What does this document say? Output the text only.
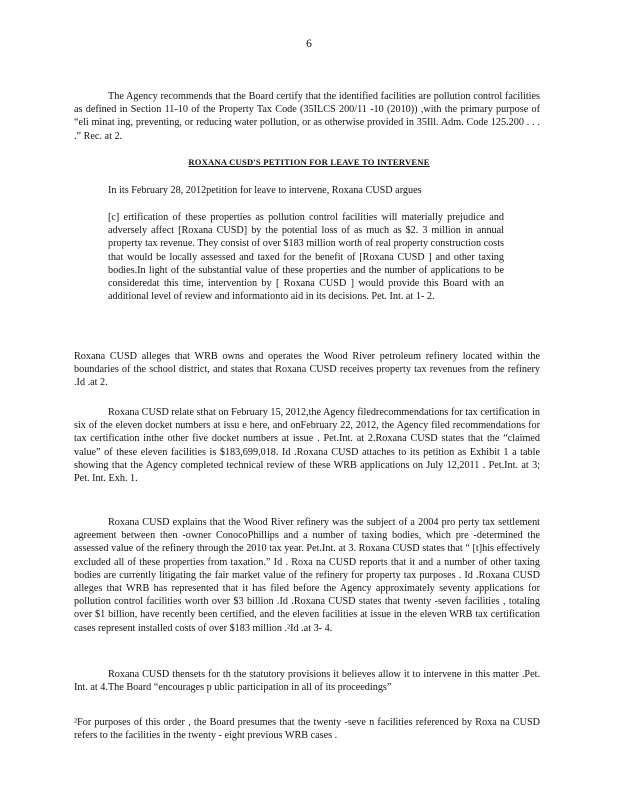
6

The Agency recommends that the Board certify that the identified facilities are pollution control facilities as defined in Section 11-10 of the Property Tax Code (35ILCS 200/11 -10 (2010)) ,with the primary purpose of “eli minat ing, preventing, or reducing water pollution, or as otherwise provided in 35Ill. Adm. Code 125.200 . . . .” Rec. at 2.

ROXANA CUSD'S PETITION FOR LEAVE TO INTERVENE

In its February 28, 2012petition for leave to intervene, Roxana CUSD argues

[c] ertification of these properties as pollution control facilities will materially prejudice and adversely affect [Roxana CUSD] by the potential loss of as much as $2. 3 million in annual property tax revenue. They consist of over $183 million worth of real property construction costs that would be locally assessed and taxed for the benefit of [Roxana CUSD ] and other taxing bodies.In light of the substantial value of these properties and the number of applications to be consideredat this time, intervention by [ Roxana CUSD ] would provide this Board with an additional level of review and informationto aid in its decisions. Pet. Int. at 1- 2.

Roxana CUSD alleges that WRB owns and operates the Wood River petroleum refinery located within the boundaries of the school district, and states that Roxana CUSD receives property tax revenues from the refinery .Id .at 2.

Roxana CUSD relate sthat on February 15, 2012,the Agency filedrecommendations for tax certification in six of the eleven docket numbers at issu e here, and onFebruary 22, 2012, the Agency filed recommendations for tax certification inthe other five docket numbers at issue . Pet.Int. at 2.Roxana CUSD states that the “claimed value” of these eleven facilities is $183,699,018. Id .Roxana CUSD attaches to its petition as Exhibit 1 a table showing that the Agency completed technical review of these WRB applications on July 12,2011 . Pet.Int. at 3; Pet. Int. Exh. 1.

Roxana CUSD explains that the Wood River refinery was the subject of a 2004 pro perty tax settlement agreement between then -owner ConocoPhillips and a number of taxing bodies, which pre -determined the assessed value of the refinery through the 2010 tax year. Pet.Int. at 3. Roxana CUSD states that “ [t]his effectively excluded all of these properties from taxation.” Id . Roxa na CUSD reports that it and a number of other taxing bodies are currently litigating the fair market value of the refinery for property tax purposes . Id .Roxana CUSD alleges that WRB has represented that it has filed before the Agency approximately seventy applications for pollution control facilities worth over $3 billion .Id .Roxana CUSD states that twenty -seven facilities , totaling over $1 billion, have recently been certified, and the eleven facilities at issue in the eleven WRB tax certification cases represent installed costs of over $183 million .²Id .at 3- 4.

Roxana CUSD thensets for th the statutory provisions it believes allow it to intervene in this matter .Pet. Int. at 4.The Board “encourages p ublic participation in all of its proceedings”

²For purposes of this order , the Board presumes that the twenty -seve n facilities referenced by Roxa na CUSD refers to the facilities in the twenty - eight previous WRB cases .
